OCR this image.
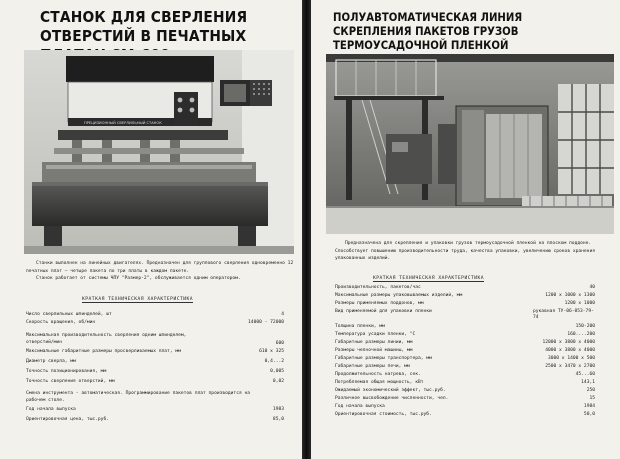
СТАНОК ДЛЯ СВЕРЛЕНИЯ ОТВЕРСТИЙ В ПЕЧАТНЫХ
ПРЕЦИЗИОННЫЙ СВЕРЛИЛЬНЫЙ СТАНОК

Станки выполнен на линейных двигателях. Предназначен для группового сверления одновременно 12 печатных плат — четыре пакета по три платы в каждом пакете.

Станок работает от системы ЧПУ "Размер-2", обслуживается одним оператором.

КРАТКАЯ ТЕХНИЧЕСКАЯ ХАРАКТЕРИСТИКА
Число сверлильных шпинделей, шт	4
Скорость вращения, об/мин	14000 - 72000
Максимальная производительность сверления одним шпинделем, отверстий/мин	600
Максимальные габаритные размеры просверливаемых плат, мм	610 х 325
Диаметр сверла, мм	0,4...2
Точность позиционирования, мм	0,005
Точность сверления отверстий, мм	0,02
Смена инструмента - автоматическая. Программирование пакетов плат производится на рабочем столе.
Год начала выпуска	1983
Ориентировочная цена, тыс.руб.	85,0
ПОЛУАВТОМАТИЧЕСКАЯ ЛИНИЯ СКРЕПЛЕНИЯ ПАКЕТОВ ГРУЗОВ ТЕРМОУСАДОЧНОЙ ПЛЕНКОЙ

Предназначена для скрепления и упаковки грузов термоусадочной пленкой на плоском поддоне. Способствует повышению производительности труда, качества упаковки, увеличению сроков хранения упакованных изделий.

КРАТКАЯ ТЕХНИЧЕСКАЯ ХАРАКТЕРИСТИКА
Производительность, пакетов/час	40
Максимальные размеры упаковываемых изделий, мм	1200 х 1000 х 1300
Размеры применяемых поддонов, мм	1200 х 1000
Вид применяемой для упаковки пленки	рукавная ТУ-06-853-79-74
Толщина пленки, мм	150-200
Температура усадки пленки, °С	160....200
Габаритные размеры линии, мм	12000 х 3800 х 4000
Размеры челночной машины, мм	4000 х 3800 х 4000
Габаритные размеры транспортера, мм	3000 х 1400 х 500
Габаритные размеры печи, мм	2500 х 3470 х 2700
Продолжительность нагрева, сек.	45...60
Потребляемая общая мощность, кВт	143,1
Ожидаемый экономический эффект, тыс.руб.	250
Различное высвобождение численности, чел.	15
Год начала выпуска	1984
Ориентировочная стоимость, тыс.руб.	50,0
